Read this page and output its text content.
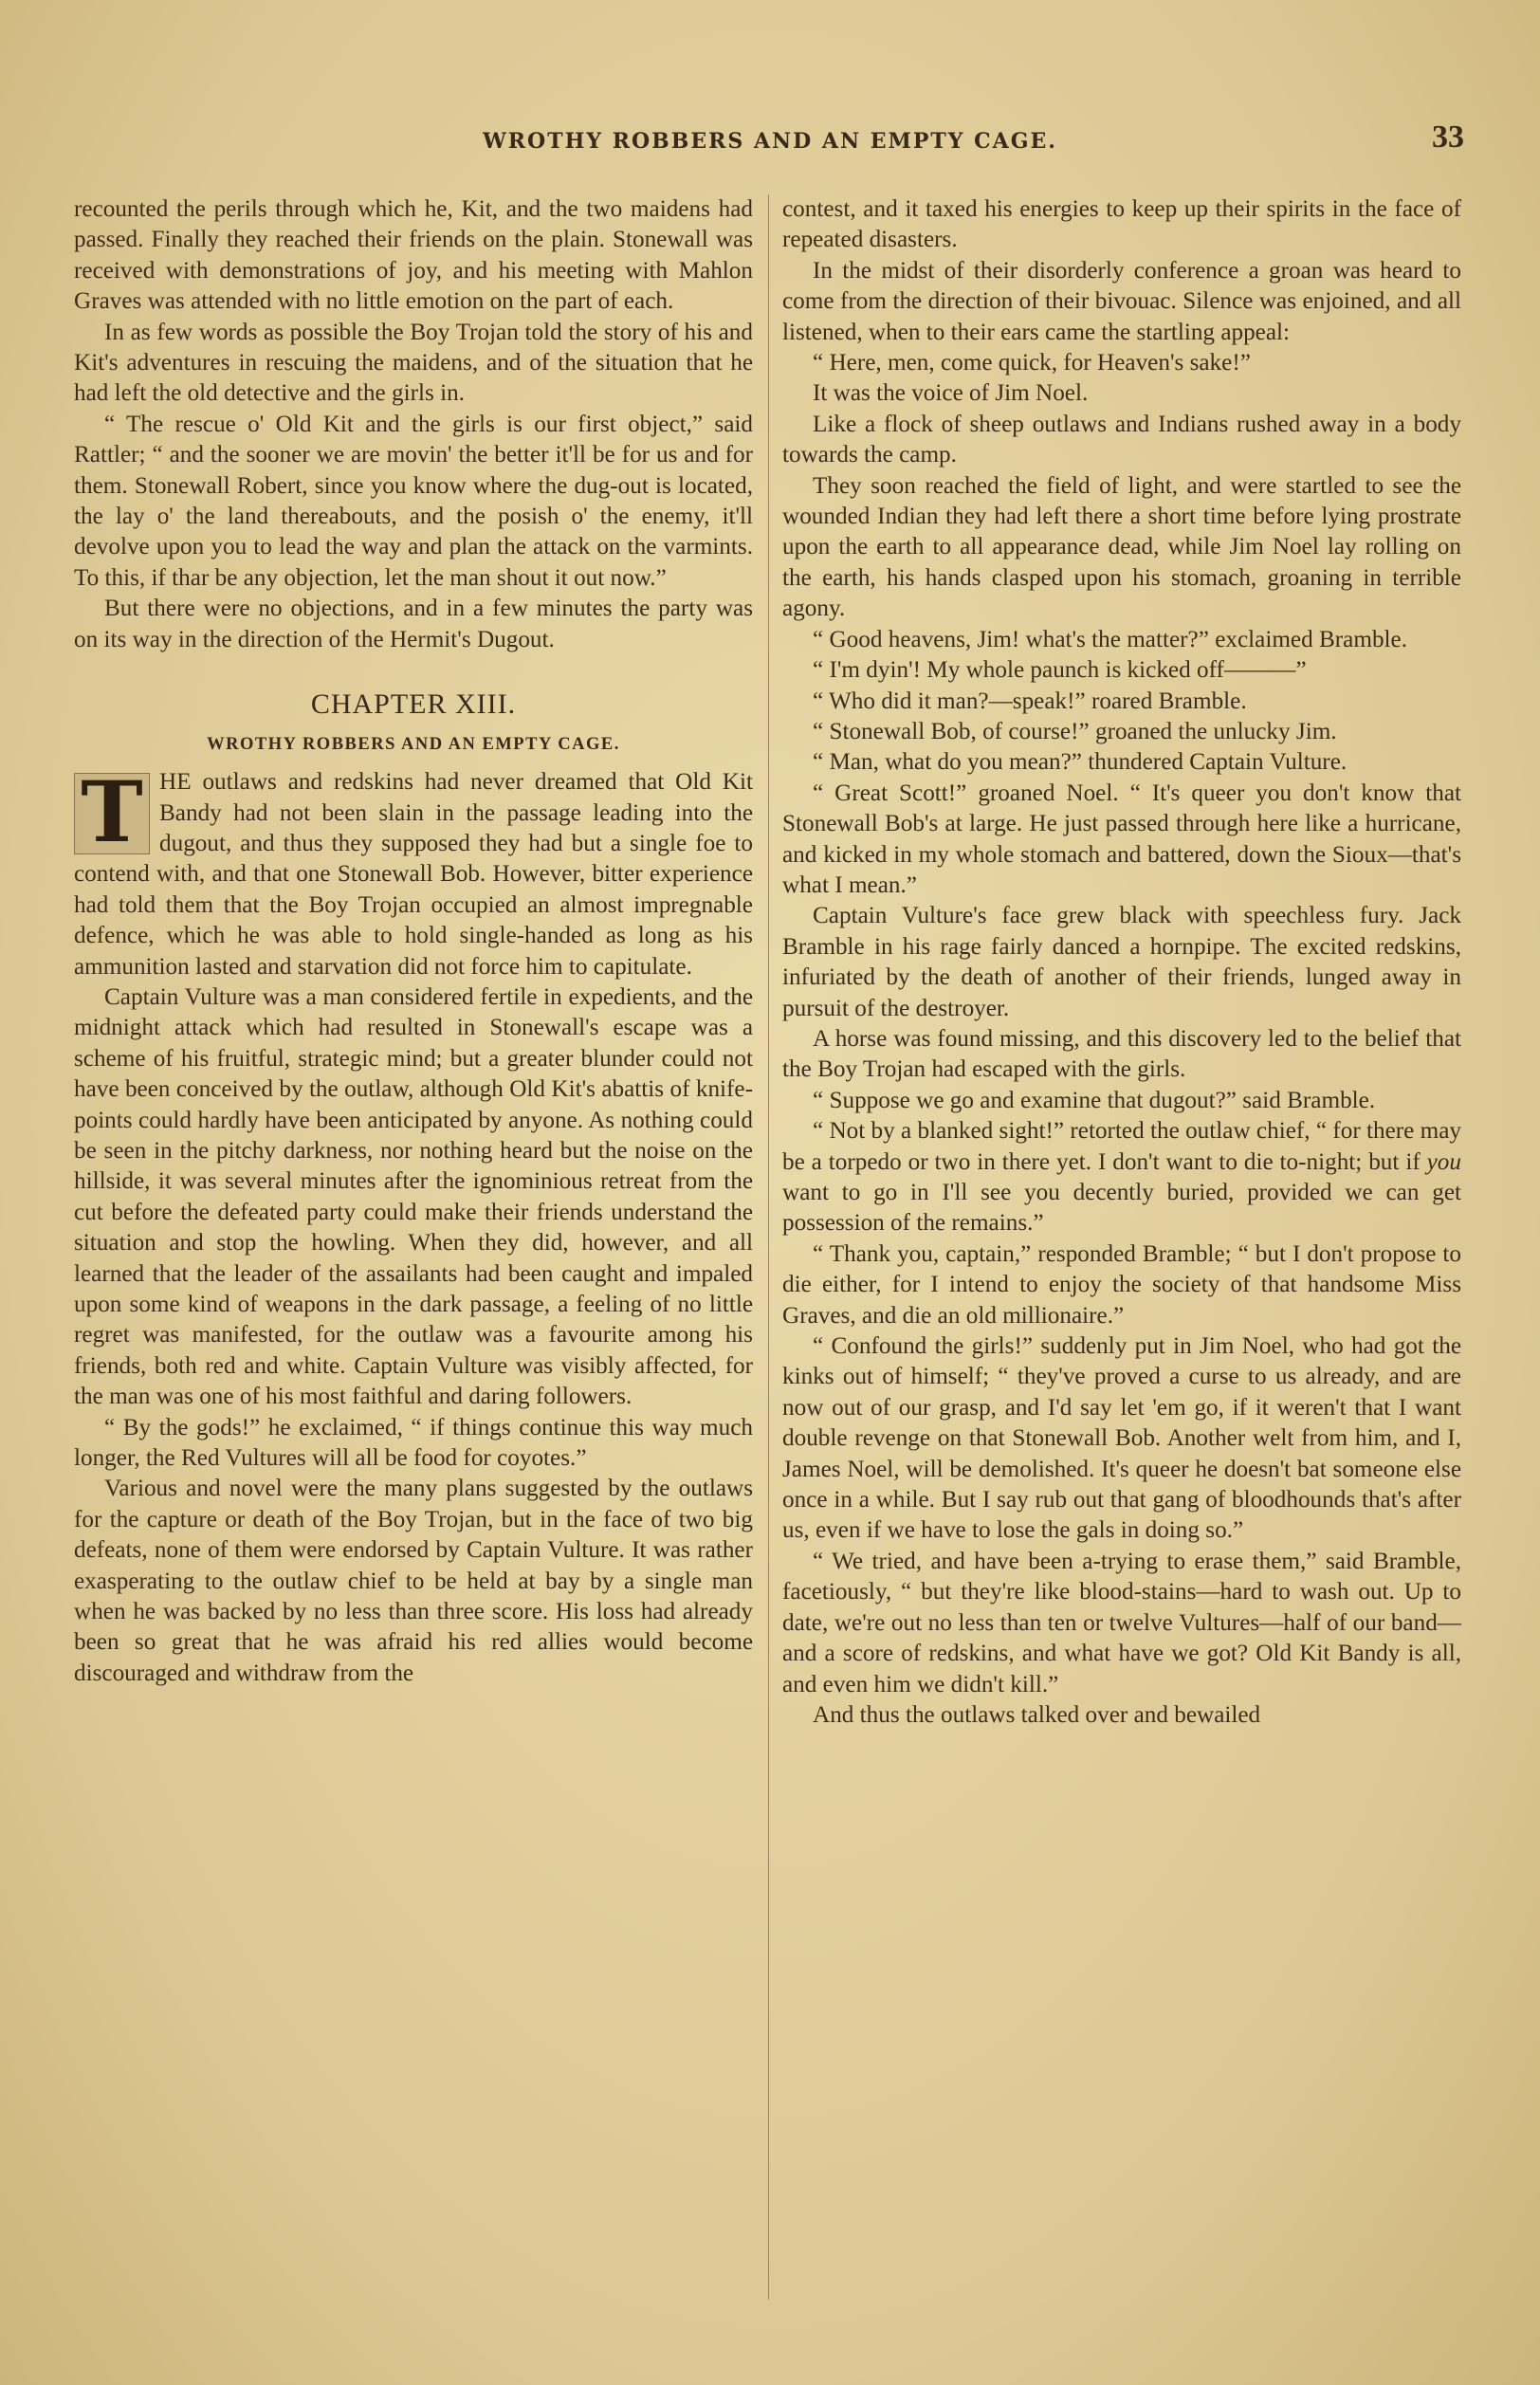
WROTHY ROBBERS AND AN EMPTY CAGE.	33

recounted the perils through which he, Kit, and the two maidens had passed. Finally they reached their friends on the plain. Stonewall was received with demonstrations of joy, and his meeting with Mahlon Graves was attended with no little emotion on the part of each.

In as few words as possible the Boy Trojan told the story of his and Kit's adventures in rescuing the maidens, and of the situation that he had left the old detective and the girls in.

“ The rescue o' Old Kit and the girls is our first object,” said Rattler; “ and the sooner we are movin' the better it'll be for us and for them. Stonewall Robert, since you know where the dug-out is located, the lay o' the land thereabouts, and the posish o' the enemy, it'll devolve upon you to lead the way and plan the attack on the varmints. To this, if thar be any objection, let the man shout it out now.”

But there were no objections, and in a few minutes the party was on its way in the direction of the Hermit's Dugout.

CHAPTER XIII.
WROTHY ROBBERS AND AN EMPTY CAGE.

T HE outlaws and redskins had never dreamed that Old Kit Bandy had not been slain in the passage leading into the dugout, and thus they supposed they had but a single foe to contend with, and that one Stonewall Bob. However, bitter experience had told them that the Boy Trojan occupied an almost impregnable defence, which he was able to hold single-handed as long as his ammunition lasted and starvation did not force him to capitulate.

Captain Vulture was a man considered fertile in expedients, and the midnight attack which had resulted in Stonewall's escape was a scheme of his fruitful, strategic mind; but a greater blunder could not have been conceived by the outlaw, although Old Kit's abattis of knife-points could hardly have been anticipated by anyone. As nothing could be seen in the pitchy darkness, nor nothing heard but the noise on the hillside, it was several minutes after the ignominious retreat from the cut before the defeated party could make their friends understand the situation and stop the howling. When they did, however, and all learned that the leader of the assailants had been caught and impaled upon some kind of weapons in the dark passage, a feeling of no little regret was manifested, for the outlaw was a favourite among his friends, both red and white. Captain Vulture was visibly affected, for the man was one of his most faithful and daring followers.

“ By the gods!” he exclaimed, “ if things continue this way much longer, the Red Vultures will all be food for coyotes.”

Various and novel were the many plans suggested by the outlaws for the capture or death of the Boy Trojan, but in the face of two big defeats, none of them were endorsed by Captain Vulture. It was rather exasperating to the outlaw chief to be held at bay by a single man when he was backed by no less than three score. His loss had already been so great that he was afraid his red allies would become discouraged and withdraw from the

contest, and it taxed his energies to keep up their spirits in the face of repeated disasters.

In the midst of their disorderly conference a groan was heard to come from the direction of their bivouac. Silence was enjoined, and all listened, when to their ears came the startling appeal:

“ Here, men, come quick, for Heaven's sake!”

It was the voice of Jim Noel.

Like a flock of sheep outlaws and Indians rushed away in a body towards the camp.

They soon reached the field of light, and were startled to see the wounded Indian they had left there a short time before lying prostrate upon the earth to all appearance dead, while Jim Noel lay rolling on the earth, his hands clasped upon his stomach, groaning in terrible agony.

“ Good heavens, Jim! what's the matter?” exclaimed Bramble.

“ I'm dyin'! My whole paunch is kicked off———”

“ Who did it man?—speak!” roared Bramble.

“ Stonewall Bob, of course!” groaned the unlucky Jim.

“ Man, what do you mean?” thundered Captain Vulture.

“ Great Scott!” groaned Noel. “ It's queer you don't know that Stonewall Bob's at large. He just passed through here like a hurricane, and kicked in my whole stomach and battered, down the Sioux—that's what I mean.”

Captain Vulture's face grew black with speechless fury. Jack Bramble in his rage fairly danced a hornpipe. The excited redskins, infuriated by the death of another of their friends, lunged away in pursuit of the destroyer.

A horse was found missing, and this discovery led to the belief that the Boy Trojan had escaped with the girls.

“ Suppose we go and examine that dugout?” said Bramble.

“ Not by a blanked sight!” retorted the outlaw chief, “ for there may be a torpedo or two in there yet. I don't want to die to-night; but if you want to go in I'll see you decently buried, provided we can get possession of the remains.”

“ Thank you, captain,” responded Bramble; “ but I don't propose to die either, for I intend to enjoy the society of that handsome Miss Graves, and die an old millionaire.”

“ Confound the girls!” suddenly put in Jim Noel, who had got the kinks out of himself; “ they've proved a curse to us already, and are now out of our grasp, and I'd say let 'em go, if it weren't that I want double revenge on that Stonewall Bob. Another welt from him, and I, James Noel, will be demolished. It's queer he doesn't bat someone else once in a while. But I say rub out that gang of bloodhounds that's after us, even if we have to lose the gals in doing so.”

“ We tried, and have been a-trying to erase them,” said Bramble, facetiously, “ but they're like blood-stains—hard to wash out. Up to date, we're out no less than ten or twelve Vultures—half of our band—and a score of redskins, and what have we got? Old Kit Bandy is all, and even him we didn't kill.”

And thus the outlaws talked over and bewailed
